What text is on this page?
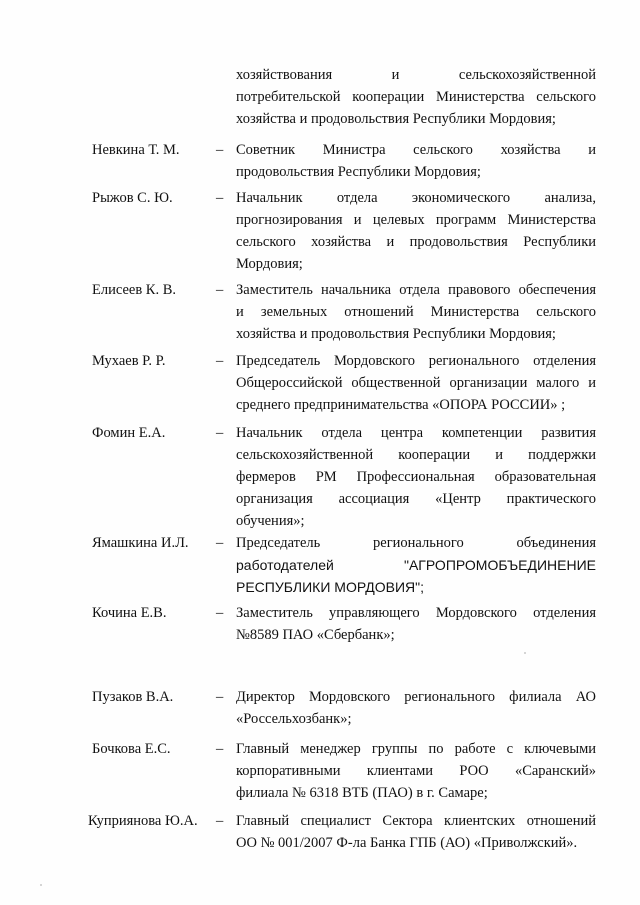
хозяйствования и сельскохозяйственной
потребительской кооперации Министерства сельского
хозяйства и продовольствия Республики Мордовия;
Невкина Т. М.	– Советник Министра сельского хозяйства и
продовольствия Республики Мордовия;
Рыжов С. Ю.	– Начальник отдела экономического анализа,
прогнозирования и целевых программ Министерства
сельского хозяйства и продовольствия Республики
Мордовия;
Елисеев К. В.	– Заместитель начальника отдела правового обеспечения
и земельных отношений Министерства сельского
хозяйства и продовольствия Республики Мордовия;
Мухаев Р. Р.	– Председатель Мордовского регионального отделения
Общероссийской общественной организации малого и
среднего предпринимательства «ОПОРА РОССИИ» ;
Фомин Е.А.	– Начальник отдела центра компетенции развития
сельскохозяйственной кооперации и поддержки
фермеров РМ Профессиональная образовательная
организация ассоциация «Центр практического
обучения»;
Ямашкина И.Л. – Председатель регионального объединения
работодателей "АГРОПРОМОБЪЕДИНЕНИЕ
РЕСПУБЛИКИ МОРДОВИЯ";
Кочина Е.В.	– Заместитель управляющего Мордовского отделения
№8589 ПАО «Сбербанк»;
Пузаков В.А.	– Директор Мордовского регионального филиала АО
«Россельхозбанк»;
Бочкова Е.С.	– Главный менеджер группы по работе с ключевыми
корпоративными клиентами РОО «Саранский»
филиала № 6318 ВТБ (ПАО) в г. Самаре;
Куприянова Ю.А. – Главный специалист Сектора клиентских отношений
ОО № 001/2007 Ф-ла Банка ГПБ (АО) «Приволжский».
